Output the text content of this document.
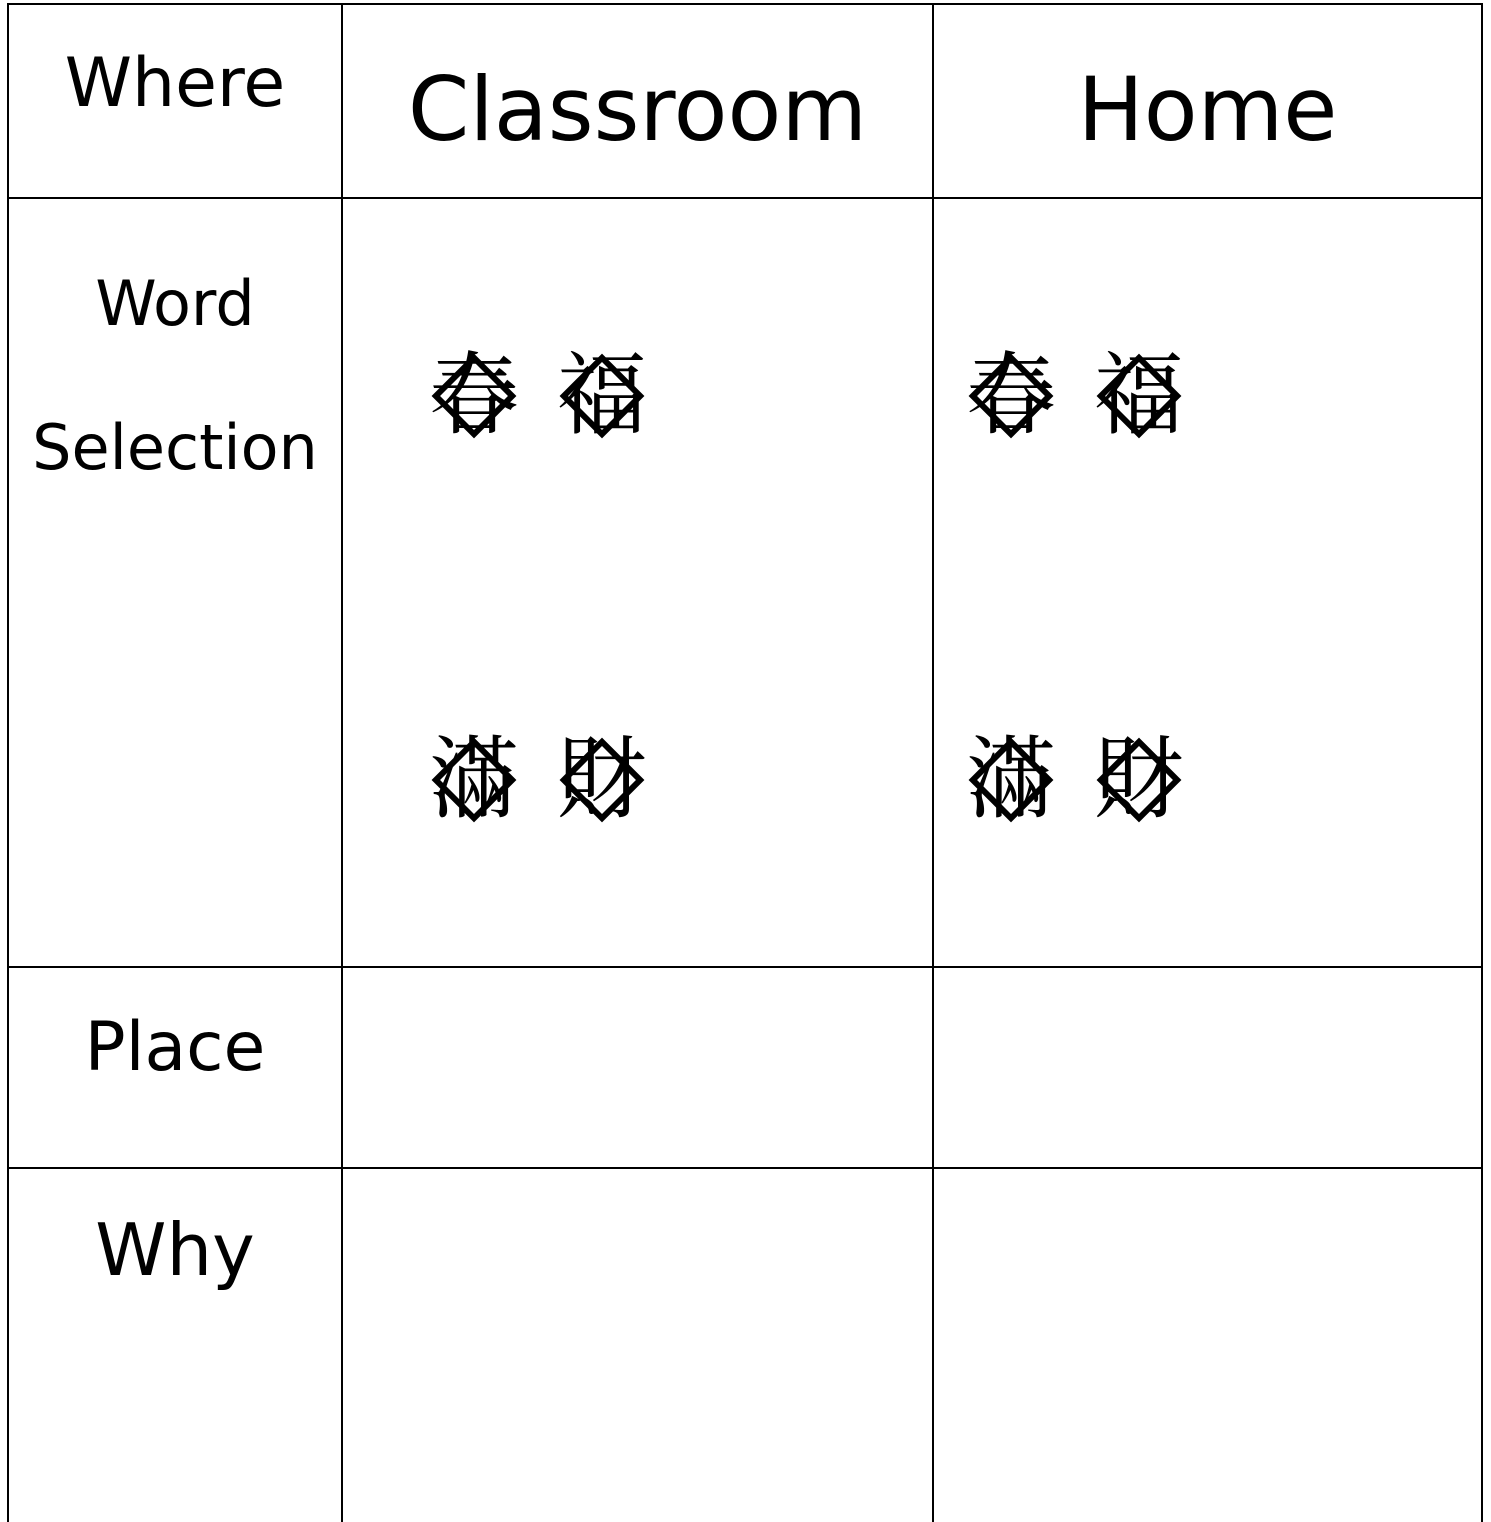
Where	Classroom	Home
Word
Selection 春 福
滿 財
春 福
滿 財
Place
Why
